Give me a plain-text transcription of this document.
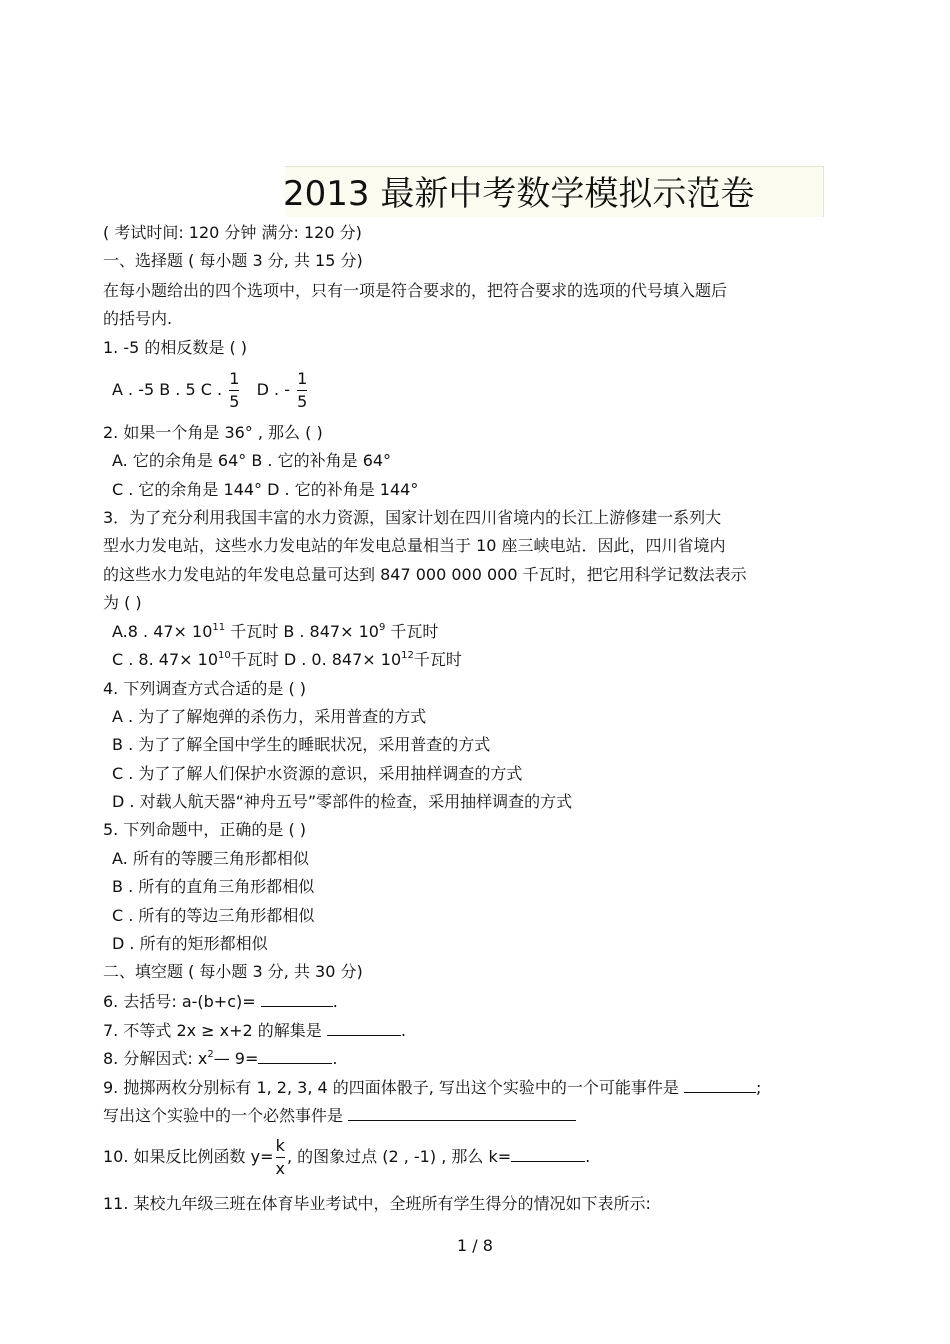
2013 最新中考数学模拟示范卷
( 考试时间: 120 分钟 满分: 120 分)
一、选择题 ( 每小题 3 分, 共 15 分)
在每小题给出的四个选项中，只有一项是符合要求的，把符合要求的选项的代号填入题后
的括号内.
1. -5 的相反数是 ( )
A . -5 B . 5 C . $\frac{1}{5}$ D . - $\frac{1}{5}$
2. 如果一个角是 36° , 那么 ( )
A. 它的余角是 64° B . 它的补角是 64°
C . 它的余角是 144° D . 它的补角是 144°
3．为了充分利用我国丰富的水力资源，国家计划在四川省境内的长江上游修建一系列大
型水力发电站，这些水力发电站的年发电总量相当于 10 座三峡电站．因此，四川省境内
的这些水力发电站的年发电总量可达到 847 000 000 000 千瓦时，把它用科学记数法表示
为 ( )
A.8 . $47\times 10^{11}$ 千瓦时 B . $847\times 10^9$ 千瓦时
C . 8. $47\times 10^{10}$千瓦时 D . 0. $847\times 10^{12}$千瓦时
4. 下列调查方式合适的是 ( )
A . 为了了解炮弹的杀伤力，采用普查的方式
B . 为了了解全国中学生的睡眠状况，采用普查的方式
C . 为了了解人们保护水资源的意识，采用抽样调查的方式
D . 对载人航天器“神舟五号”零部件的检查，采用抽样调查的方式
5. 下列命题中，正确的是 ( )
A. 所有的等腰三角形都相似
B . 所有的直角三角形都相似
C . 所有的等边三角形都相似
D . 所有的矩形都相似
二、填空题 ( 每小题 3 分, 共 30 分)
6. 去括号: a-(b+c)=	.
7. 不等式 2x ≥ x+2 的解集是	.
8. 分解因式: $x^2—$ 9=	.
9. 抛掷两枚分别标有 1, 2, 3, 4 的四面体骰子, 写出这个实验中的一个可能事件是	;
写出这个实验中的一个必然事件是
10. 如果反比例函数 $y= \frac{k}{x}$ , 的图象过点 (2 , -1) , 那么 k=	.
11. 某校九年级三班在体育毕业考试中，全班所有学生得分的情况如下表所示:
1 / 8
